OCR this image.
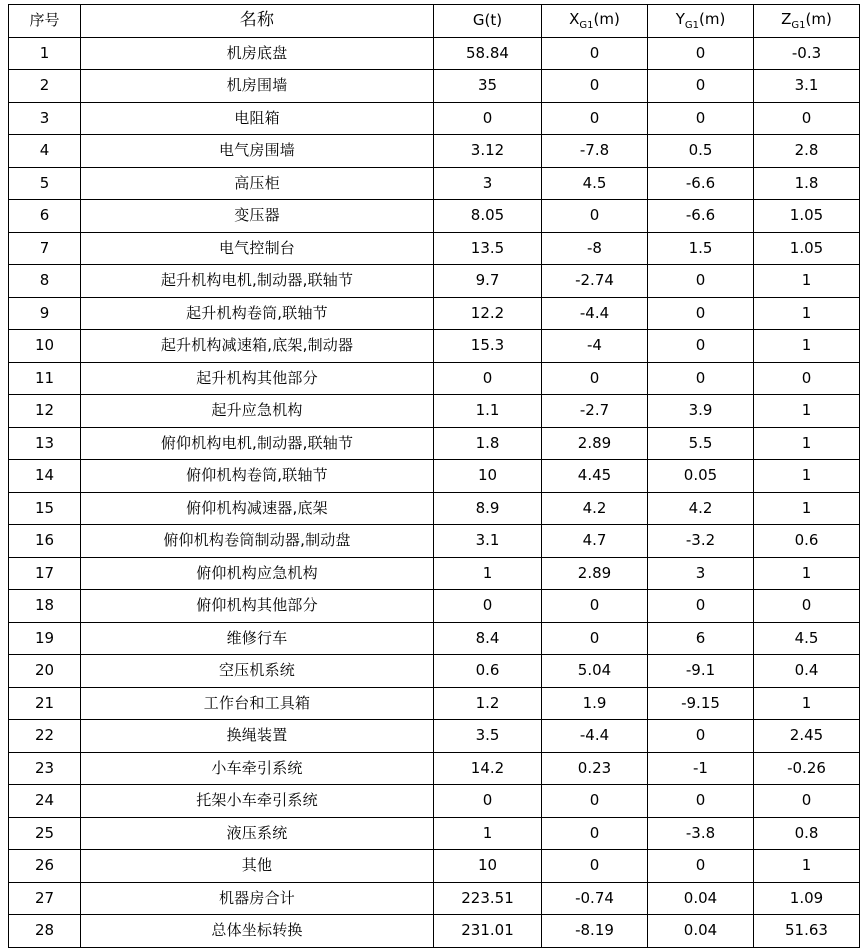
序号	名称	G(t)	$X_{G1}(m)$	$Y_{G1}(m)$	$Z_{G1}(m)$
1	机房底盘	58.84	0	0	-0.3
2	机房围墙	35	0	0	3.1
3	电阻箱	0	0	0	0
4	电气房围墙	3.12	-7.8	0.5	2.8
5	高压柜	3	4.5	-6.6	1.8
6	变压器	8.05	0	-6.6	1.05
7	电气控制台	13.5	-8	1.5	1.05
8	起升机构电机,制动器,联轴节	9.7	-2.74	0	1
9	起升机构卷筒,联轴节	12.2	-4.4	0	1
10	起升机构减速箱,底架,制动器	15.3	-4	0	1
11	起升机构其他部分	0	0	0	0
12	起升应急机构	1.1	-2.7	3.9	1
13	俯仰机构电机,制动器,联轴节	1.8	2.89	5.5	1
14	俯仰机构卷筒,联轴节	10	4.45	0.05	1
15	俯仰机构减速器,底架	8.9	4.2	4.2	1
16	俯仰机构卷筒制动器,制动盘	3.1	4.7	-3.2	0.6
17	俯仰机构应急机构	1	2.89	3	1
18	俯仰机构其他部分	0	0	0	0
19	维修行车	8.4	0	6	4.5
20	空压机系统	0.6	5.04	-9.1	0.4
21	工作台和工具箱	1.2	1.9	-9.15	1
22	换绳装置	3.5	-4.4	0	2.45
23	小车牵引系统	14.2	0.23	-1	-0.26
24	托架小车牵引系统	0	0	0	0
25	液压系统	1	0	-3.8	0.8
26	其他	10	0	0	1
27	机器房合计	223.51	-0.74	0.04	1.09
28	总体坐标转换	231.01	-8.19	0.04	51.63
